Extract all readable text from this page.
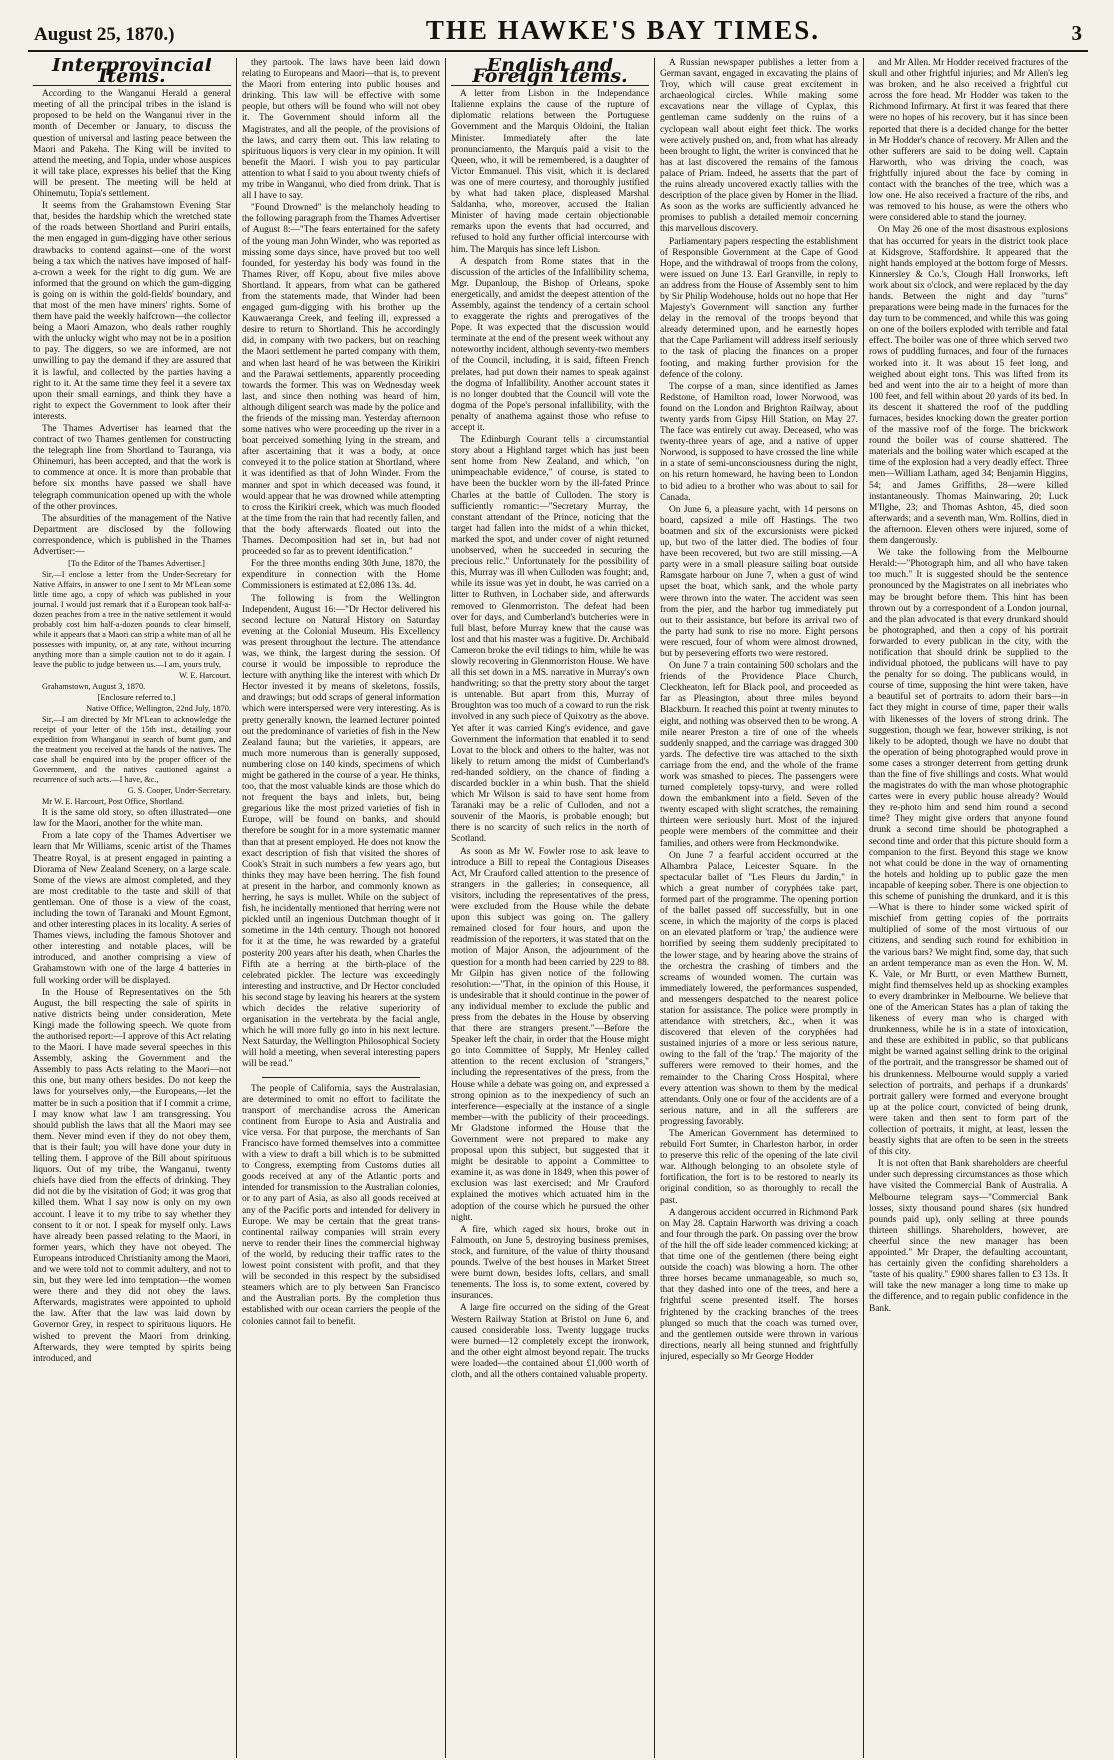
August 25, 1870.)	THE HAWKE'S BAY TIMES.	3
Interprovincial Items.

According to the Wanganui Herald a general meeting of all the principal tribes in the island is proposed to be held on the Wanganui river in the month of December or January, to discuss the question of universal and lasting peace between the Maori and Pakeha. The King will be invited to attend the meeting, and Topia, under whose auspices it will take place, expresses his belief that the King will be present. The meeting will be held at Ohinemutu, Topia's settlement.

It seems from the Grahamstown Evening Star that, besides the hardship which the wretched state of the roads between Shortland and Puriri entails, the men engaged in gum-digging have other serious drawbacks to contend against—one of the worst being a tax which the natives have imposed of half-a-crown a week for the right to dig gum. We are informed that the ground on which the gum-digging is going on is within the gold-fields' boundary, and that most of the men have miners' rights. Some of them have paid the weekly halfcrown—the collector being a Maori Amazon, who deals rather roughly with the unlucky wight who may not be in a position to pay. The diggers, so we are informed, are not unwilling to pay the demand if they are assured that it is lawful, and collected by the parties having a right to it. At the same time they feel it a severe tax upon their small earnings, and think they have a right to expect the Government to look after their interests.

The Thames Advertiser has learned that the contract of two Thames gentlemen for constructing the telegraph line from Shortland to Tauranga, via Ohinemuri, has been accepted, and that the work is to commence at once. It is more than probable that before six months have passed we shall have telegraph communication opened up with the whole of the other provinces.

The absurdities of the management of the Native Department are disclosed by the following correspondence, which is published in the Thames Advertiser:—

[To the Editor of the Thames Advertiser.]

Sir,—I enclose a letter from the Under-Secretary for Native Affairs, in answer to one I sent to Mr M'Lean some little time ago, a copy of which was published in your journal. I would just remark that if a European took half-a-dozen peaches from a tree in the native settlement it would probably cost him half-a-dozen pounds to clear himself, while it appears that a Maori can strip a white man of all he possesses with impunity, or, at any rate, without incurring anything more than a simple caution not to do it again. I leave the public to judge between us.—I am, yours truly,

W. E. Harcourt.

Grahamstown, August 3, 1870.

[Enclosure referred to.]

Native Office, Wellington, 22nd July, 1870.

Sir,—I am directed by Mr M'Lean to acknowledge the receipt of your letter of the 15th inst., detailing your expedition from Whanganui in search of burnt gum, and the treatment you received at the hands of the natives. The case shall be enquired into by the proper officer of the Government, and the natives cautioned against a recurrence of such acts.—I have, &c.,

G. S. Cooper, Under-Secretary.

Mr W. E. Harcourt, Post Office, Shortland.

It is the same old story, so often illustrated—one law for the Maori, another for the white man.

From a late copy of the Thames Advertiser we learn that Mr Williams, scenic artist of the Thames Theatre Royal, is at present engaged in painting a Diorama of New Zealand Scenery, on a large scale. Some of the views are almost completed, and they are most creditable to the taste and skill of that gentleman. One of those is a view of the coast, including the town of Taranaki and Mount Egmont, and other interesting places in its locality. A series of Thames views, including the famous Shotover and other interesting and notable places, will be introduced, and another comprising a view of Grahamstown with one of the large 4 batteries in full working order will be displayed.

In the House of Representatives on the 5th August, the bill respecting the sale of spirits in native districts being under consideration, Mete Kingi made the following speech. We quote from the authorised report:—I approve of this Act relating to the Maori. I have made several speeches in this Assembly, asking the Government and the Assembly to pass Acts relating to the Maori—not this one, but many others besides. Do not keep the laws for yourselves only,—the Europeans,—let the matter be in such a position that if I commit a crime, I may know what law I am transgressing. You should publish the laws that all the Maori may see them. Never mind even if they do not obey them, that is their fault; you will have done your duty in telling them. I approve of the Bill about spirituous liquors. Out of my tribe, the Wanganui, twenty chiefs have died from the effects of drinking. They did not die by the visitation of God; it was grog that killed them. What I say now is only on my own account. I leave it to my tribe to say whether they consent to it or not. I speak for myself only. Laws have already been passed relating to the Maori, in former years, which they have not obeyed. The Europeans introduced Christianity among the Maori, and we were told not to commit adultery, and not to sin, but they were led into temptation—the women were there and they did not obey the laws. Afterwards, magistrates were appointed to uphold the law. After that the law was laid down by Governor Grey, in respect to spirituous liquors. He wished to prevent the Maori from drinking. Afterwards, they were tempted by spirits being introduced, and

they partook. The laws have been laid down relating to Europeans and Maori—that is, to prevent the Maori from entering into public houses and drinking. This law will be effective with some people, but others will be found who will not obey it. The Government should inform all the Magistrates, and all the people, of the provisions of the laws, and carry them out. This law relating to spirituous liquors is very clear in my opinion. It will benefit the Maori. I wish you to pay particular attention to what I said to you about twenty chiefs of my tribe in Wanganui, who died from drink. That is all I have to say.

"Found Drowned" is the melancholy heading to the following paragraph from the Thames Advertiser of August 8:—"The fears entertained for the safety of the young man John Winder, who was reported as missing some days since, have proved but too well founded, for yesterday his body was found in the Thames River, off Kopu, about five miles above Shortland. It appears, from what can be gathered from the statements made, that Winder had been engaged gum-digging with his brother up the Kauwaeranga Creek, and feeling ill, expressed a desire to return to Shortland. This he accordingly did, in company with two packers, but on reaching the Maori settlement he parted company with them, and when last heard of he was between the Kirikiri and the Parawai settlements, apparently proceeding towards the former. This was on Wednesday week last, and since then nothing was heard of him, although diligent search was made by the police and the friends of the missing man. Yesterday afternoon some natives who were proceeding up the river in a boat perceived something lying in the stream, and after ascertaining that it was a body, at once conveyed it to the police station at Shortland, where it was identified as that of John Winder. From the manner and spot in which deceased was found, it would appear that he was drowned while attempting to cross the Kirikiri creek, which was much flooded at the time from the rain that had recently fallen, and that the body afterwards floated out into the Thames. Decomposition had set in, but had not proceeded so far as to prevent identification."

For the three months ending 30th June, 1870, the expenditure in connection with the Home Commissioners is estimated at £2,086 13s. 4d.

The following is from the Wellington Independent, August 16:—"Dr Hector delivered his second lecture on Natural History on Saturday evening at the Colonial Museum. His Excellency was present throughout the lecture. The attendance was, we think, the largest during the session. Of course it would be impossible to reproduce the lecture with anything like the interest with which Dr Hector invested it by means of skeletons, fossils, and drawings; but odd scraps of general information which were interspersed were very interesting. As is pretty generally known, the learned lecturer pointed out the predominance of varieties of fish in the New Zealand fauna; but the varieties, it appears, are much more numerous than is generally supposed, numbering close on 140 kinds, specimens of which might be gathered in the course of a year. He thinks, too, that the most valuable kinds are those which do not frequent the bays and inlets, but, being gregarious like the most prized varieties of fish in Europe, will be found on banks, and should therefore be sought for in a more systematic manner than that at present employed. He does not know the exact description of fish that visited the shores of Cook's Strait in such numbers a few years ago, but thinks they may have been herring. The fish found at present in the harbor, and commonly known as herring, he says is mullet. While on the subject of fish, he incidentally mentioned that herring were not pickled until an ingenious Dutchman thought of it sometime in the 14th century. Though not honored for it at the time, he was rewarded by a grateful posterity 200 years after his death, when Charles the Fifth ate a herring at the birth-place of the celebrated pickler. The lecture was exceedingly interesting and instructive, and Dr Hector concluded his second stage by leaving his hearers at the system which decides the relative superiority of organisation in the vertebrata by the facial angle, which he will more fully go into in his next lecture. Next Saturday, the Wellington Philosophical Society will hold a meeting, when several interesting papers will be read."

The people of California, says the Australasian, are determined to omit no effort to facilitate the transport of merchandise across the American continent from Europe to Asia and Australia and vice versa. For that purpose, the merchants of San Francisco have formed themselves into a committee with a view to draft a bill which is to be submitted to Congress, exempting from Customs duties all goods received at any of the Atlantic ports and intended for transmission to the Australian colonies, or to any part of Asia, as also all goods received at any of the Pacific ports and intended for delivery in Europe. We may be certain that the great trans-continental railway companies will strain every nerve to render their lines the commercial highway of the world, by reducing their traffic rates to the lowest point consistent with profit, and that they will be seconded in this respect by the subsidised steamers which are to ply between San Francisco and the Australian ports. By the completion thus established with our ocean carriers the people of the colonies cannot fail to benefit.

English and Foreign Items.

A letter from Lisbon in the Independance Italienne explains the cause of the rupture of diplomatic relations between the Portuguese Government and the Marquis Oldoini, the Italian Minister. Immediately after the late pronunciamento, the Marquis paid a visit to the Queen, who, it will be remembered, is a daughter of Victor Emmanuel. This visit, which it is declared was one of mere courtesy, and thoroughly justified by what had taken place, displeased Marshal Saldanha, who, moreover, accused the Italian Minister of having made certain objectionable remarks upon the events that had occurred, and refused to hold any further official intercourse with him. The Marquis has since left Lisbon.

A despatch from Rome states that in the discussion of the articles of the Infallibility schema, Mgr. Dupanloup, the Bishop of Orleans, spoke energetically, and amidst the deepest attention of the Assembly, against the tendency of a certain school to exaggerate the rights and prerogatives of the Pope. It was expected that the discussion would terminate at the end of the present week without any noteworthy incident, although seventy-two members of the Council, including, it is said, fifteen French prelates, had put down their names to speak against the dogma of Infallibility. Another account states it is no longer doubted that the Council will vote the dogma of the Pope's personal infallibility, with the penalty of anathema against those who refuse to accept it.

The Edinburgh Courant tells a circumstantial story about a Highland target which has just been sent home from New Zealand, and which, "on unimpeachable evidence," of course, is stated to have been the buckler worn by the ill-fated Prince Charles at the battle of Culloden. The story is sufficiently romantic:—"Secretary Murray, the constant attendant of the Prince, noticing that the target had fallen into the midst of a whin thicket, marked the spot, and under cover of night returned unobserved, when he succeeded in securing the precious relic." Unfortunately for the possibility of this, Murray was ill when Culloden was fought; and, while its issue was yet in doubt, he was carried on a litter to Ruthven, in Lochaber side, and afterwards removed to Glenmorriston. The defeat had been over for days, and Cumberland's butcheries were in full blast, before Murray knew that the cause was lost and that his master was a fugitive. Dr. Archibald Cameron broke the evil tidings to him, while he was slowly recovering in Glenmorriston House. We have all this set down in a MS. narrative in Murray's own handwriting; so that the pretty story about the target is untenable. But apart from this, Murray of Broughton was too much of a coward to run the risk involved in any such piece of Quixotry as the above. Yet after it was carried King's evidence, and gave Government the information that enabled it to send Lovat to the block and others to the halter, was not likely to return among the midst of Cumberland's red-handed soldiery, on the chance of finding a discarded buckler in a whin bush. That the shield which Mr Wilson is said to have sent home from Taranaki may be a relic of Culloden, and not a souvenir of the Maoris, is probable enough; but there is no scarcity of such relics in the north of Scotland.

As soon as Mr W. Fowler rose to ask leave to introduce a Bill to repeal the Contagious Diseases Act, Mr Crauford called attention to the presence of strangers in the galleries; in consequence, all visitors, including the representatives of the press, were excluded from the House while the debate upon this subject was going on. The gallery remained closed for four hours, and upon the readmission of the reporters, it was stated that on the motion of Major Anson, the adjournment of the question for a month had been carried by 229 to 88. Mr Gilpin has given notice of the following resolution:—"That, in the opinion of this House, it is undesirable that it should continue in the power of any individual member to exclude the public and press from the debates in the House by observing that there are strangers present."—Before the Speaker left the chair, in order that the House might go into Committee of Supply, Mr Henley called attention to the recent exclusion of "strangers," including the representatives of the press, from the House while a debate was going on, and expressed a strong opinion as to the inexpediency of such an interference—especially at the instance of a single member—with the publicity of their proceedings. Mr Gladstone informed the House that the Government were not prepared to make any proposal upon this subject, but suggested that it might be desirable to appoint a Committee to examine it, as was done in 1849, when this power of exclusion was last exercised; and Mr Crauford explained the motives which actuated him in the adoption of the course which he pursued the other night.

A fire, which raged six hours, broke out in Falmouth, on June 5, destroying business premises, stock, and furniture, of the value of thirty thousand pounds. Twelve of the best houses in Market Street were burnt down, besides lofts, cellars, and small tenements. The loss is, to some extent, covered by insurances.

A large fire occurred on the siding of the Great Western Railway Station at Bristol on June 6, and caused considerable loss. Twenty luggage trucks were burned—12 completely except the ironwork, and the other eight almost beyond repair. The trucks were loaded—the contained about £1,000 worth of cloth, and all the others contained valuable property.

A Russian newspaper publishes a letter from a German savant, engaged in excavating the plains of Troy, which will cause great excitement in archaeological circles. While making some excavations near the village of Cyplax, this gentleman came suddenly on the ruins of a cyclopean wall about eight feet thick. The works were actively pushed on, and, from what has already been brought to light, the writer is convinced that he has at last discovered the remains of the famous palace of Priam. Indeed, he asserts that the part of the ruins already uncovered exactly tallies with the description of the place given by Homer in the Iliad. As soon as the works are sufficiently advanced he promises to publish a detailed memoir concerning this marvellous discovery.

Parliamentary papers respecting the establishment of Responsible Government at the Cape of Good Hope, and the withdrawal of troops from the colony, were issued on June 13. Earl Granville, in reply to an address from the House of Assembly sent to him by Sir Philip Wodehouse, holds out no hope that Her Majesty's Government will sanction any further delay in the removal of the troops beyond that already determined upon, and he earnestly hopes that the Cape Parliament will address itself seriously to the task of placing the finances on a proper footing, and making further provision for the defence of the colony.

The corpse of a man, since identified as James Redstone, of Hamilton road, lower Norwood, was found on the London and Brighton Railway, about twenty yards from Gipsy Hill Station, on May 27. The face was entirely cut away. Deceased, who was twenty-three years of age, and a native of upper Norwood, is supposed to have crossed the line while in a state of semi-unconsciousness during the night, on his return homeward, he having been to London to bid adieu to a brother who was about to sail for Canada.

On June 6, a pleasure yacht, with 14 persons on board, capsized a mile off Hastings. The two boatmen and six of the excursionists were picked up, but two of the latter died. The bodies of four have been recovered, but two are still missing.—A party were in a small pleasure sailing boat outside Ramsgate harbour on June 7, when a gust of wind upset the boat, which sank, and the whole party were thrown into the water. The accident was seen from the pier, and the harbor tug immediately put out to their assistance, but before its arrival two of the party had sunk to rise no more. Eight persons were rescued, four of whom were almost drowned, but by persevering efforts two were restored.

On June 7 a train containing 500 scholars and the friends of the Providence Place Church, Cleckheaton, left for Black pool, and proceeded as far as Pleasington, about three miles beyond Blackburn. It reached this point at twenty minutes to eight, and nothing was observed then to be wrong. A mile nearer Preston a tire of one of the wheels suddenly snapped, and the carriage was dragged 300 yards. The defective tire was attached to the sixth carriage from the end, and the whole of the frame work was smashed to pieces. The passengers were turned completely topsy-turvy, and were rolled down the embankment into a field. Seven of the twenty escaped with slight scratches, the remaining thirteen were seriously hurt. Most of the injured people were members of the committee and their families, and others were from Heckmondwike.

On June 7 a fearful accident occurred at the Alhambra Palace, Leicester Square. In the spectacular ballet of "Les Fleurs du Jardin," in which a great number of coryphées take part, formed part of the programme. The opening portion of the ballet passed off successfully, but in one scene, in which the majority of the corps is placed on an elevated platform or 'trap,' the audience were horrified by seeing them suddenly precipitated to the lower stage, and by hearing above the strains of the orchestra the crashing of timbers and the screams of wounded women. The curtain was immediately lowered, the performances suspended, and messengers despatched to the nearest police station for assistance. The police were promptly in attendance with stretchers, &c., when it was discovered that eleven of the coryphées had sustained injuries of a more or less serious nature, owing to the fall of the 'trap.' The majority of the sufferers were removed to their homes, and the remainder to the Charing Cross Hospital, where every attention was shown to them by the medical attendants. Only one or four of the accidents are of a serious nature, and in all the sufferers are progressing favorably.

The American Government has determined to rebuild Fort Sumter, in Charleston harbor, in order to preserve this relic of the opening of the late civil war. Although belonging to an obsolete style of fortification, the fort is to be restored to nearly its original condition, so as thoroughly to recall the past.

A dangerous accident occurred in Richmond Park on May 28. Captain Harworth was driving a coach and four through the park. On passing over the brow of the hill the off side leader commenced kicking; at that time one of the gentlemen (there being eight outside the coach) was blowing a horn. The other three horses became unmanageable, so much so, that they dashed into one of the trees, and here a frightful scene presented itself. The horses frightened by the cracking branches of the trees plunged so much that the coach was turned over, and the gentlemen outside were thrown in various directions, nearly all being stunned and frightfully injured, especially so Mr George Hodder

and Mr Allen. Mr Hodder received fractures of the skull and other frightful injuries; and Mr Allen's leg was broken, and he also received a frightful cut across the fore head. Mr Hodder was taken to the Richmond Infirmary. At first it was feared that there were no hopes of his recovery, but it has since been reported that there is a decided change for the better in Mr Hodder's chance of recovery. Mr Allen and the other sufferers are said to be doing well. Captain Harworth, who was driving the coach, was frightfully injured about the face by coming in contact with the branches of the tree, which was a low one. He also received a fracture of the ribs, and was removed to his house, as were the others who were considered able to stand the journey.

On May 26 one of the most disastrous explosions that has occurred for years in the district took place at Kidsgrove, Staffordshire. It appeared that the night hands employed at the bottom forge of Messrs. Kinnersley & Co.'s, Clough Hall Ironworks, left work about six o'clock, and were replaced by the day hands. Between the night and day "turns" preparations were being made in the furnaces for the day turn to be commenced, and while this was going on one of the boilers exploded with terrible and fatal effect. The boiler was one of three which served two rows of puddling furnaces, and four of the furnaces worked into it. It was about 15 feet long, and weighed about eight tons. This was lifted from its bed and went into the air to a height of more than 100 feet, and fell within about 20 yards of its bed. In its descent it shattered the roof of the puddling furnaces, besides knocking down the greater portion of the massive roof of the forge. The brickwork round the boiler was of course shattered. The materials and the boiling water which escaped at the time of the explosion had a very deadly effect. Three men—William Latham, aged 34; Benjamin Higgins, 54; and James Griffiths, 28—were killed instantaneously. Thomas Mainwaring, 20; Luck M'Ilghe, 23; and Thomas Ashton, 45, died soon afterwards; and a seventh man, Wm. Rollins, died in the afternoon. Eleven others were injured, some of them dangerously.

We take the following from the Melbourne Herald:—"Photograph him, and all who have taken too much." It is suggested should be the sentence pronounced by the Magistrates on all inebriates who may be brought before them. This hint has been thrown out by a correspondent of a London journal, and the plan advocated is that every drunkard should be photographed, and then a copy of his portrait forwarded to every publican in the city, with the notification that should drink be supplied to the individual photoed, the publicans will have to pay the penalty for so doing. The publicans would, in course of time, supposing the hint were taken, have a beautiful set of portraits to adorn their bars—in fact they might in course of time, paper their walls with likenesses of the lovers of strong drink. The suggestion, though we fear, however striking, is not likely to be adopted, though we have no doubt that the operation of being photographed would prove in some cases a stronger deterrent from getting drunk than the fine of five shillings and costs. What would the magistrates do with the man whose photographic cartes were in every public house already? Would they re-photo him and send him round a second time? They might give orders that anyone found drunk a second time should be photographed a second time and order that this picture should form a companion to the first. Beyond this stage we know not what could be done in the way of ornamenting the hotels and holding up to public gaze the men incapable of keeping sober. There is one objection to this scheme of punishing the drunkard, and it is this—What is there to hinder some wicked spirit of mischief from getting copies of the portraits multiplied of some of the most virtuous of our citizens, and sending such round for exhibition in the various bars? We might find, some day, that such an ardent temperance man as even the Hon. W. M. K. Vale, or Mr Burtt, or even Matthew Burnett, might find themselves held up as shocking examples to every drambrinker in Melbourne. We believe that one of the American States has a plan of taking the likeness of every man who is charged with drunkenness, while he is in a state of intoxication, and these are exhibited in public, so that publicans might be warned against selling drink to the original of the portrait, and the transgressor be shamed out of his drunkenness. Melbourne would supply a varied selection of portraits, and perhaps if a drunkards' portrait gallery were formed and everyone brought up at the police court, convicted of being drunk, were taken and then sent to form part of the collection of portraits, it might, at least, lessen the beastly sights that are often to be seen in the streets of this city.

It is not often that Bank shareholders are cheerful under such depressing circumstances as those which have visited the Commercial Bank of Australia. A Melbourne telegram says—"Commercial Bank losses, sixty thousand pound shares (six hundred pounds paid up), only selling at three pounds thirteen shillings. Shareholders, however, are cheerful since the new manager has been appointed." Mr Draper, the defaulting accountant, has certainly given the confiding shareholders a "taste of his quality." £900 shares fallen to £3 13s. It will take the new manager a long time to make up the difference, and to regain public confidence in the Bank.
